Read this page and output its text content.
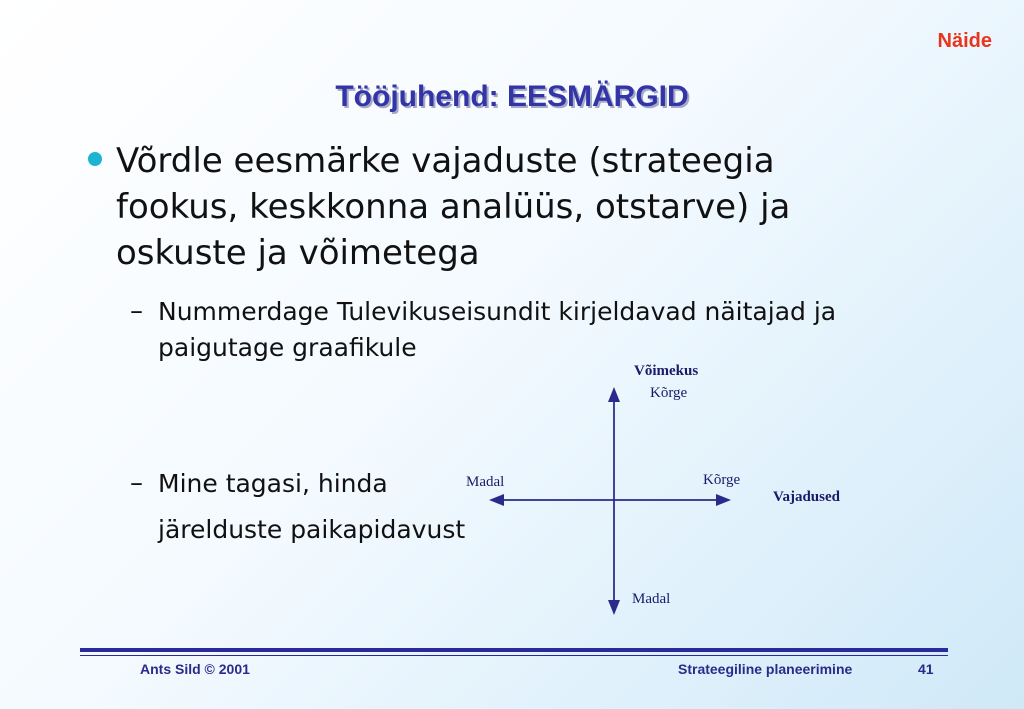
Näide
Tööjuhend: EESMÄRGID
Võrdle eesmärke vajaduste (strateegia fookus, keskkonna analüüs, otstarve) ja oskuste ja võimetega
– Nummerdage Tulevikuseisundit kirjeldavad näitajad ja paigutage graafikule
– Mine tagasi, hinda
järelduste paikapidavust
Võimekus
Kõrge
Madal
Madal	Kõrge
Vajadused
Ants Sild © 2001	Strateegiline planeerimine	41
